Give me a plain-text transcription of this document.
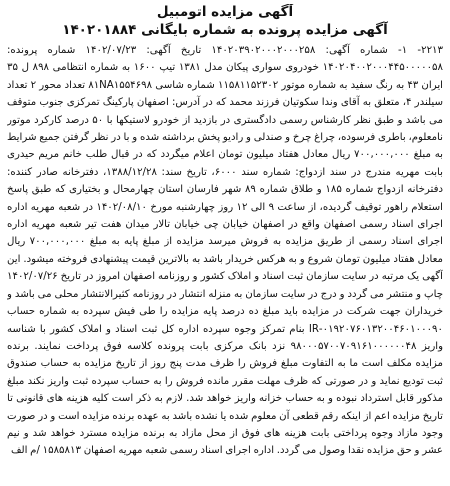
آگهی مزایده اتومبیل
آگهی مزایده پرونده به شماره بایگانی ۱۴۰۲۰۱۸۸۴

۲۲۱۳- ۱- شماره آگهی: ۱۴۰۲۰۳۹۰۲۰۰۰۲۰۰۰۲۵۸ تاریخ آگهی: ۱۴۰۲/۰۷/۲۳ شماره پرونده: ۱۴۰۲۰۴۰۰۲۰۰۰۴۴۵۰۰۰۰۰۵۸ خودروی سواری پیکان مدل ۱۳۸۱ تیپ ۱۶۰۰ به شماره انتظامی ۸۹۸ ل ۳۵ ایران ۴۳ به رنگ سفید به شماره موتور ۱۱۵۸۱۱۵۲۳۰۲ شماره شاسی ۸۱NA۱۵۵۴۶۹۸ تعداد محور ۲ تعداد سیلندر ۴، متعلق به آقای وندا سکوتیان فرزند محمد که در آدرس: اصفهان پارکینگ تمرکزی جنوب متوقف می باشد و طبق نظر کارشناس رسمی دادگستری در بازدید از خودرو لاستیکها با ۵۰ درصد کارکرد موتور نامعلوم، باطری فرسوده، چراغ چرخ و صندلی و رادیو پخش برداشته شده و با در نظر گرفتن جمیع شرایط به مبلغ ۷۰۰,۰۰۰,۰۰۰ ریال معادل هفتاد میلیون تومان اعلام میگردد که در قبال طلب خانم مریم حیدری بابت مهریه مندرج در سند ازدواج: شماره سند ۶۰۰۰، تاریخ سند: ۱۳۸۸/۱۲/۲۸، دفترخانه صادر کننده: دفترخانه ازدواج شماره ۱۸۵ و طلاق شماره ۸۹ شهر فارسان استان چهارمحال و بختیاری که طبق پاسخ استعلام راهور توقیف گردیده، از ساعت ۹ الی ۱۲ روز چهارشنبه مورخ ۱۴۰۲/۰۸/۱۰ در شعبه مهریه اداره اجرای اسناد رسمی اصفهان واقع در اصفهان خیابان چی خیابان تالار میدان هفت تیر شعبه مهریه اداره اجرای اسناد رسمی از طریق مزایده به فروش میرسد مزایده از مبلغ پایه به مبلغ ۷۰۰,۰۰۰,۰۰۰ ریال معادل هفتاد میلیون تومان شروع و به هرکس خریدار باشد به بالاترین قیمت پیشنهادی فروخته میشود. این آگهی یک مرتبه در سایت سازمان ثبت اسناد و املاک کشور و روزنامه اصفهان امروز در تاریخ ۱۴۰۲/۰۷/۲۶ چاپ و منتشر می گردد و درج در سایت سازمان به منزله انتشار در روزنامه کثیرالانتشار محلی می باشد و خریداران جهت شرکت در مزایده باید مبلغ ده درصد پایه مزایده را طی فیش سپرده به شماره حساب ۰۱۹۲۰۷۶۰۱۳۲۰۰۴۶۰۱۰۰۰۹۰-IR بنام تمرکز وجوه سپرده اداره کل ثبت اسناد و املاک کشور با شناسه واریز ۹۸۰۰۰۵۷۰۰۷۰۹۱۶۱۰۰۰۰۰۰۴۸ نزد بانک مرکزی بابت پرونده کلاسه فوق پرداخت نمایند. برنده مزایده مکلف است ما به التفاوت مبلغ فروش را ظرف مدت پنج روز از تاریخ مزایده به حساب صندوق ثبت تودیع نماید و در صورتی که ظرف مهلت مقرر مانده فروش را به حساب سپرده ثبت واریز نکند مبلغ مذکور قابل استرداد نبوده و به حساب خزانه واریز خواهد شد. لازم به ذکر است کلیه هزینه های قانونی تا تاریخ مزایده اعم از اینکه رقم قطعی آن معلوم شده یا نشده باشد به عهده برنده مزایده است و در صورت وجود مازاد وجوه پرداختی بابت هزینه های فوق از محل مازاد به برنده مزایده مسترد خواهد شد و نیم عشر و حق مزایده نقدا وصول می گردد. اداره اجرای اسناد رسمی شعبه مهریه اصفهان ۱۵۸۵۸۱۳ /م الف
